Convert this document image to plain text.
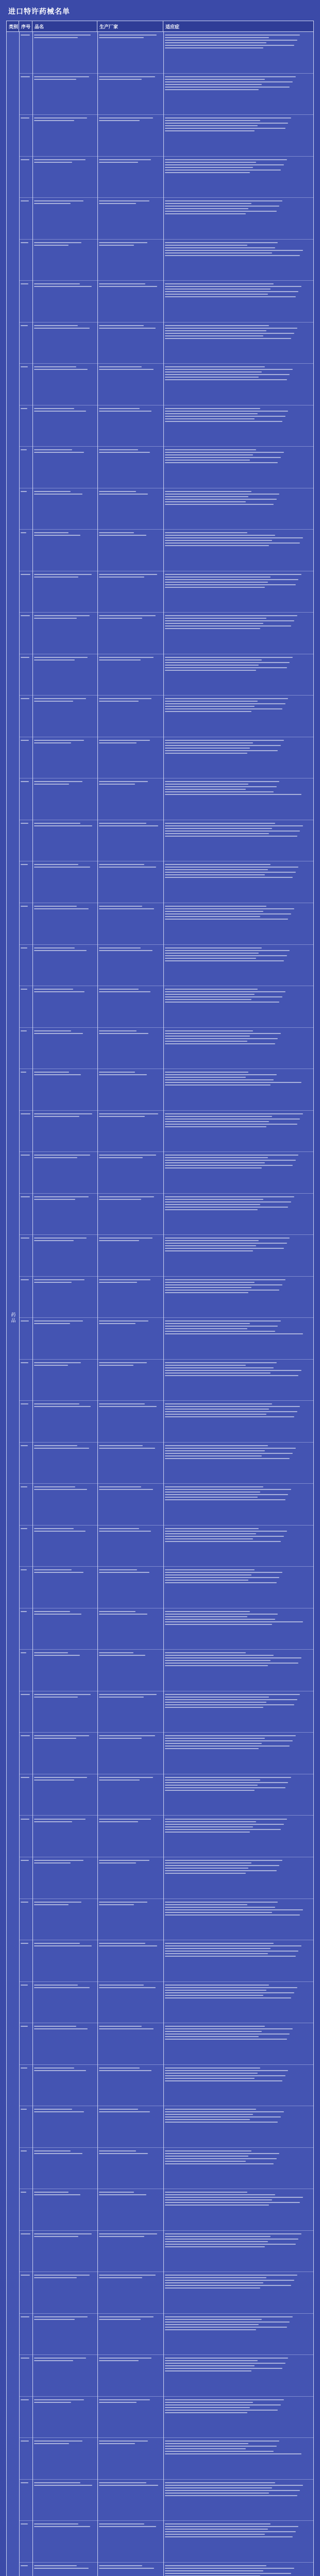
进口特许药械名单
类别 序号 品名	生产厂家	适应症
药品
